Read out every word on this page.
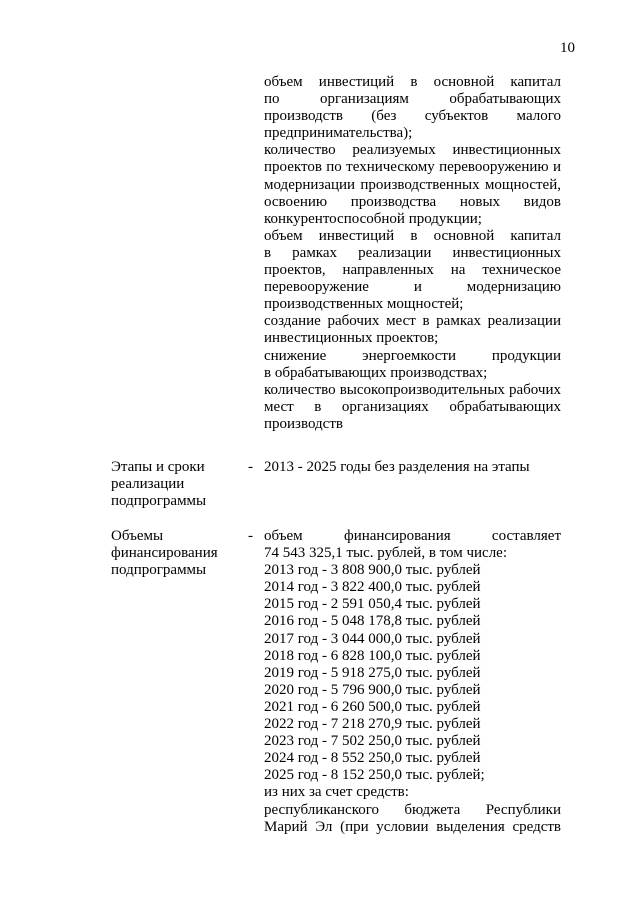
10
объем инвестиций в основной капитал
по организациям обрабатывающих
производств (без субъектов малого
предпринимательства);
количество реализуемых инвестиционных
проектов по техническому перевооружению и
модернизации производственных мощностей,
освоению производства новых видов
конкурентоспособной продукции;
объем инвестиций в основной капитал
в рамках реализации инвестиционных
проектов, направленных на техническое
перевооружение и модернизацию
производственных мощностей;
создание рабочих мест в рамках реализации
инвестиционных проектов;
снижение энергоемкости продукции
в обрабатывающих производствах;
количество высокопроизводительных рабочих
мест в организациях обрабатывающих
производств
Этапы и сроки
реализации
подпрограммы
- 2013 - 2025 годы без разделения на этапы
Объемы
финансирования
подпрограммы
- объем финансирования составляет
74 543 325,1 тыс. рублей, в том числе:
2013 год - 3 808 900,0 тыс. рублей
2014 год - 3 822 400,0 тыс. рублей
2015 год - 2 591 050,4 тыс. рублей
2016 год - 5 048 178,8 тыс. рублей
2017 год - 3 044 000,0 тыс. рублей
2018 год - 6 828 100,0 тыс. рублей
2019 год - 5 918 275,0 тыс. рублей
2020 год - 5 796 900,0 тыс. рублей
2021 год - 6 260 500,0 тыс. рублей
2022 год - 7 218 270,9 тыс. рублей
2023 год - 7 502 250,0 тыс. рублей
2024 год - 8 552 250,0 тыс. рублей
2025 год - 8 152 250,0 тыс. рублей;
из них за счет средств:
республиканского бюджета Республики
Марий Эл (при условии выделения средств
